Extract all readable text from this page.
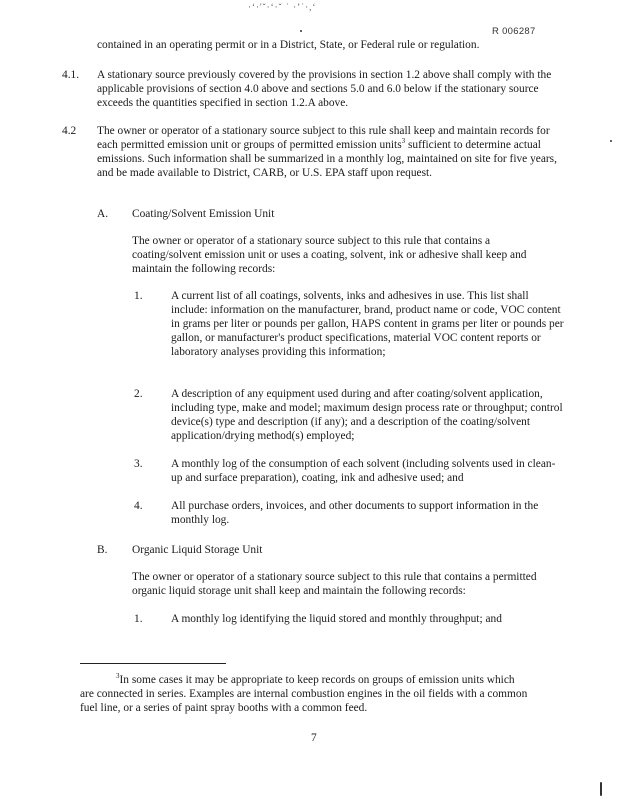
·ʻ·'ˇ·ʻ·ˇ ˙ ·ʼ˙·,ʻ
R 006287

contained in an operating permit or in a District, State, or Federal rule or regulation.

4.1. A stationary source previously covered by the provisions in section 1.2 above shall comply with the applicable provisions of section 4.0 above and sections 5.0 and 6.0 below if the stationary source exceeds the quantities specified in section 1.2.A above.

4.2 The owner or operator of a stationary source subject to this rule shall keep and maintain records for each permitted emission unit or groups of permitted emission units$^3$ sufficient to determine actual emissions. Such information shall be summarized in a monthly log, maintained on site for five years, and be made available to District, CARB, or U.S. EPA staff upon request.

A. Coating/Solvent Emission Unit

The owner or operator of a stationary source subject to this rule that contains a coating/solvent emission unit or uses a coating, solvent, ink or adhesive shall keep and maintain the following records:

1. A current list of all coatings, solvents, inks and adhesives in use. This list shall include: information on the manufacturer, brand, product name or code, VOC content in grams per liter or pounds per gallon, HAPS content in grams per liter or pounds per gallon, or manufacturer's product specifications, material VOC content reports or laboratory analyses providing this information;

2. A description of any equipment used during and after coating/solvent application, including type, make and model; maximum design process rate or throughput; control device(s) type and description (if any); and a description of the coating/solvent application/drying method(s) employed;

3. A monthly log of the consumption of each solvent (including solvents used in clean-up and surface preparation), coating, ink and adhesive used; and

4. All purchase orders, invoices, and other documents to support information in the monthly log.

B. Organic Liquid Storage Unit

The owner or operator of a stationary source subject to this rule that contains a permitted organic liquid storage unit shall keep and maintain the following records:

1. A monthly log identifying the liquid stored and monthly throughput; and

$^3$In some cases it may be appropriate to keep records on groups of emission units which are connected in series. Examples are internal combustion engines in the oil fields with a common fuel line, or a series of paint spray booths with a common feed.

7
